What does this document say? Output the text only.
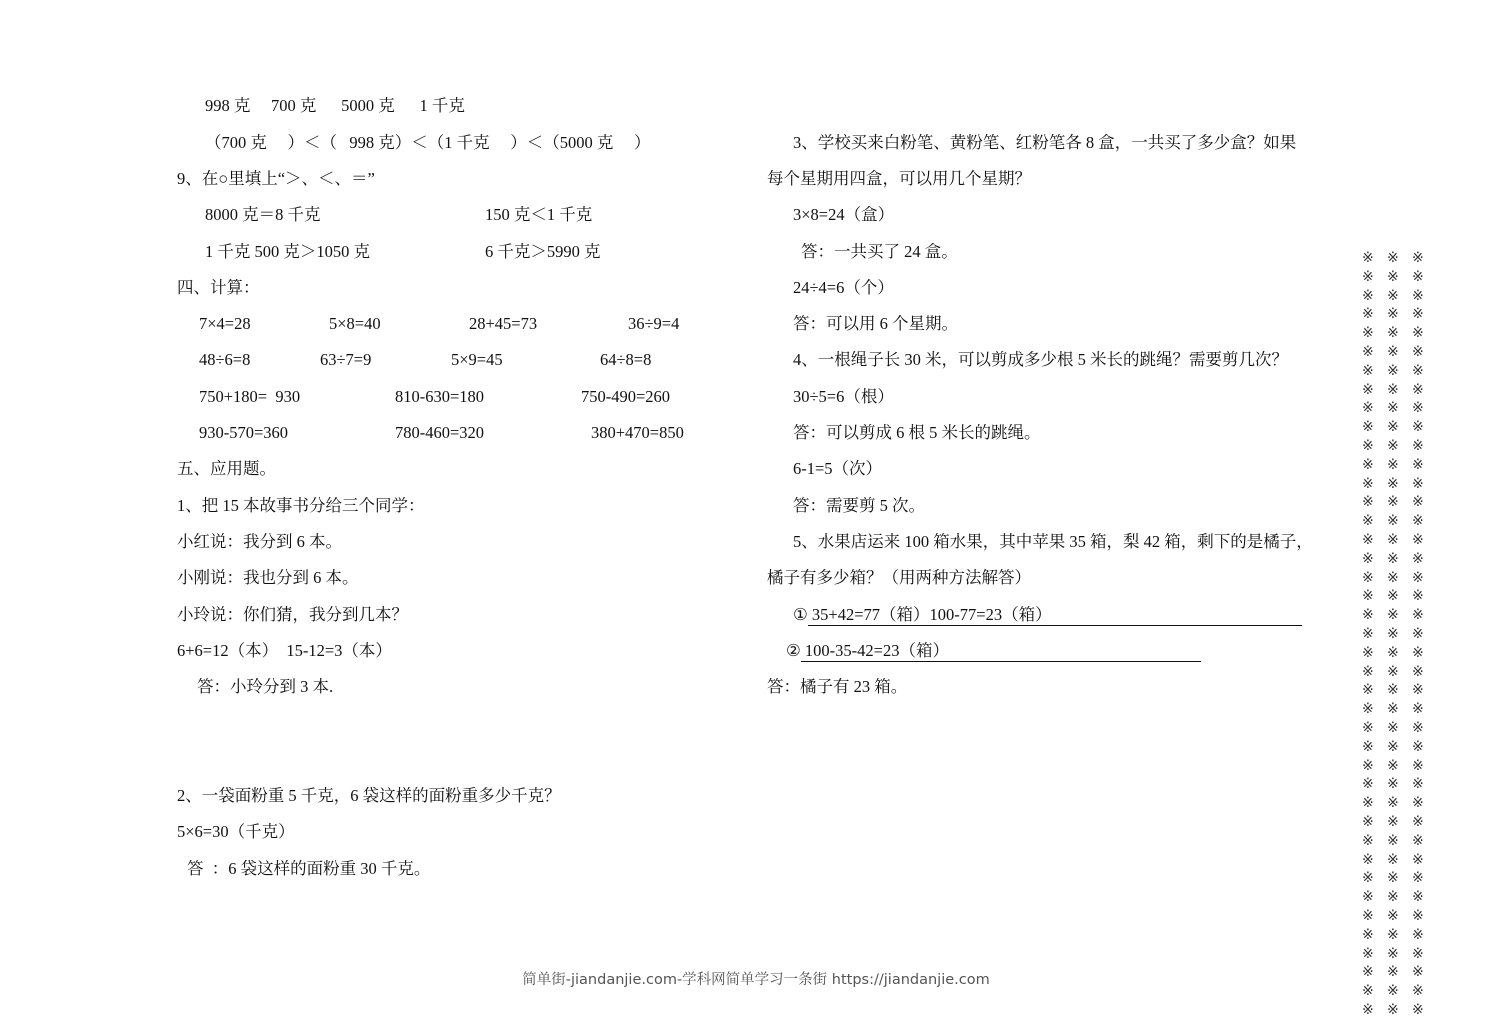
998 克     700 克      5000 克      1 千克
（700 克     ）＜（   998 克）＜（1 千克     ）＜（5000 克     ）
9、在○里填上“＞、＜、＝”
8000 克＝8 千克	150 克＜1 千克
1 千克 500 克＞1050 克	6 千克＞5990 克
四、计算：
7×4=28	5×8=40	28+45=73	36÷9=4
48÷6=8	63÷7=9	5×9=45	64÷8=8
750+180=  930	810-630=180	750-490=260
930-570=360	780-460=320	380+470=850
五、应用题。
1、把 15 本故事书分给三个同学：
小红说：我分到 6 本。
小刚说：我也分到 6 本。
小玲说：你们猜，我分到几本？
6+6=12（本）  15-12=3（本）
答：小玲分到 3 本.
2、一袋面粉重 5 千克，6 袋这样的面粉重多少千克？
5×6=30（千克）
答  ：6 袋这样的面粉重 30 千克。
3、学校买来白粉笔、黄粉笔、红粉笔各 8 盒，一共买了多少盒？如果
每个星期用四盒，可以用几个星期？
3×8=24（盒）
答：一共买了 24 盒。
24÷4=6（个）
答：可以用 6 个星期。
4、一根绳子长 30 米，可以剪成多少根 5 米长的跳绳？需要剪几次？
30÷5=6（根）
答：可以剪成 6 根 5 米长的跳绳。
6-1=5（次）
答：需要剪 5 次。
5、水果店运来 100 箱水果，其中苹果 35 箱，梨 42 箱，剩下的是橘子，
橘子有多少箱？（用两种方法解答）
① 35+42=77（箱）100-77=23（箱）
② 100-35-42=23（箱）
答：橘子有 23 箱。
※ ※ ※
※ ※ ※
※ ※ ※
※ ※ ※
※ ※ ※
※ ※ ※
※ ※ ※
※ ※ ※
※ ※ ※
※ ※ ※
※ ※ ※
※ ※ ※
※ ※ ※
※ ※ ※
※ ※ ※
※ ※ ※
※ ※ ※
※ ※ ※
※ ※ ※
※ ※ ※
※ ※ ※
※ ※ ※
※ ※ ※
※ ※ ※
※ ※ ※
※ ※ ※
※ ※ ※
※ ※ ※
※ ※ ※
※ ※ ※
※ ※ ※
※ ※ ※
※ ※ ※
※ ※ ※
※ ※ ※
※ ※ ※
※ ※ ※
※ ※ ※
※ ※ ※
※ ※ ※
※ ※ ※
简单街-jiandanjie.com-学科网简单学习一条街 https://jiandanjie.com
